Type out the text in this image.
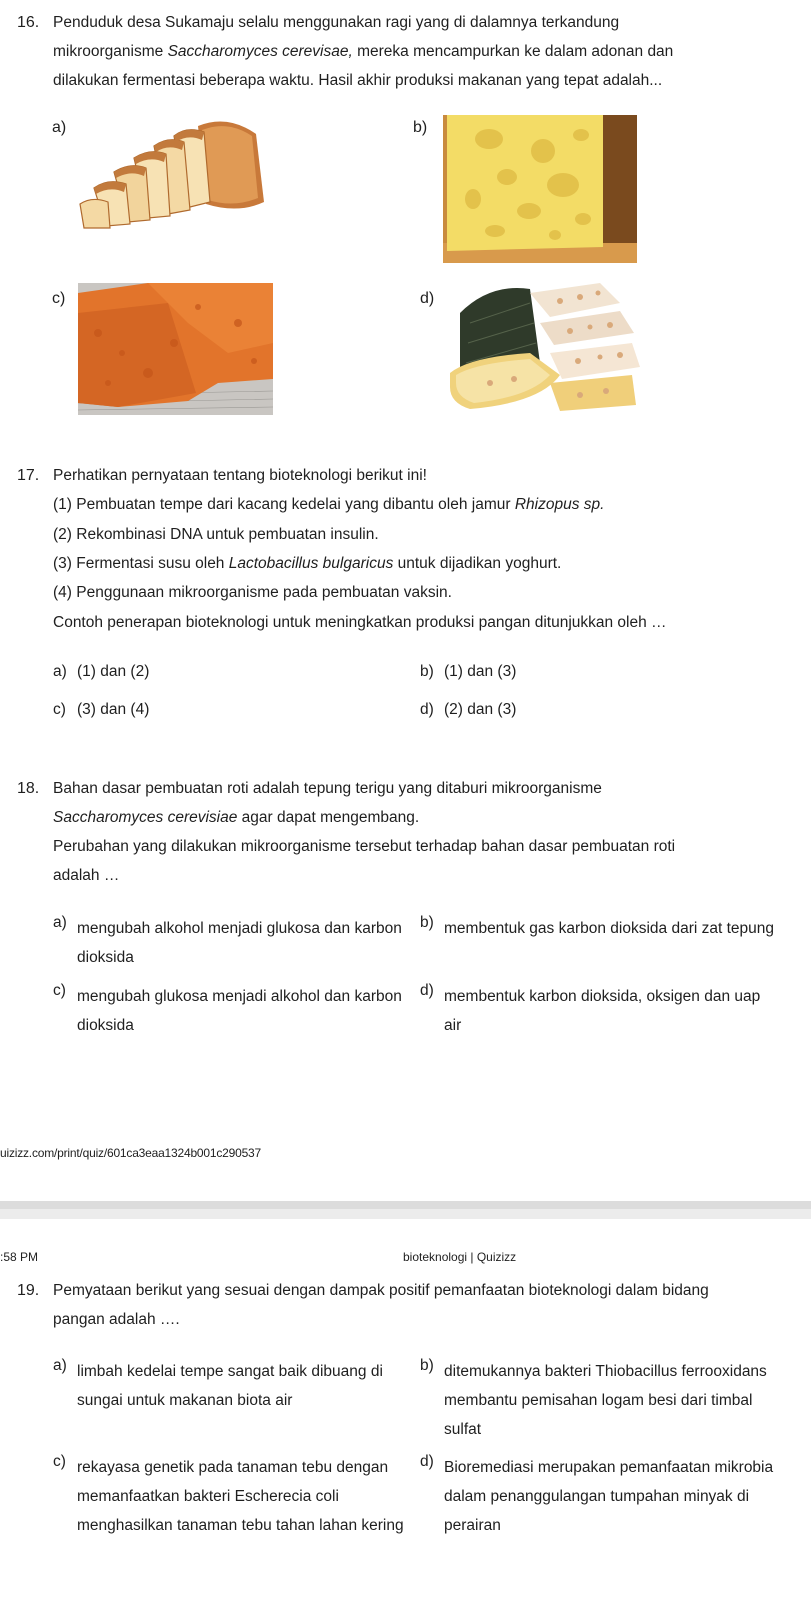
16. Penduduk desa Sukamaju selalu menggunakan ragi yang di dalamnya terkandung
mikroorganisme Saccharomyces cerevisae, mereka mencampurkan ke dalam adonan dan
dilakukan fermentasi beberapa waktu. Hasil akhir produksi makanan yang tepat adalah...
a)	b)
c)	d)
17. Perhatikan pernyataan tentang bioteknologi berikut ini!
(1) Pembuatan tempe dari kacang kedelai yang dibantu oleh jamur Rhizopus sp.
(2) Rekombinasi DNA untuk pembuatan insulin.
(3) Fermentasi susu oleh Lactobacillus bulgaricus untuk dijadikan yoghurt.
(4) Penggunaan mikroorganisme pada pembuatan vaksin.
Contoh penerapan bioteknologi untuk meningkatkan produksi pangan ditunjukkan oleh …
a) (1) dan (2)	b) (1) dan (3)
c) (3) dan (4)	d) (2) dan (3)
18. Bahan dasar pembuatan roti adalah tepung terigu yang ditaburi mikroorganisme
Saccharomyces cerevisiae agar dapat mengembang.
Perubahan yang dilakukan mikroorganisme tersebut terhadap bahan dasar pembuatan roti
adalah …
a) mengubah alkohol menjadi glukosa dan karbon dioksida
b) membentuk gas karbon dioksida dari zat tepung
c) mengubah glukosa menjadi alkohol dan karbon dioksida
d) membentuk karbon dioksida, oksigen dan uap air
uizizz.com/print/quiz/601ca3eaa1324b001c290537
:58 PM	bioteknologi | Quizizz
19. Pemyataan berikut yang sesuai dengan dampak positif pemanfaatan bioteknologi dalam bidang
pangan adalah ….
a) limbah kedelai tempe sangat baik dibuang di sungai untuk makanan biota air
b) ditemukannya bakteri Thiobacillus ferrooxidans membantu pemisahan logam besi dari timbal sulfat
c) rekayasa genetik pada tanaman tebu dengan memanfaatkan bakteri Escherecia coli menghasilkan tanaman tebu tahan lahan kering
d) Bioremediasi merupakan pemanfaatan mikrobia dalam penanggulangan tumpahan minyak di perairan
